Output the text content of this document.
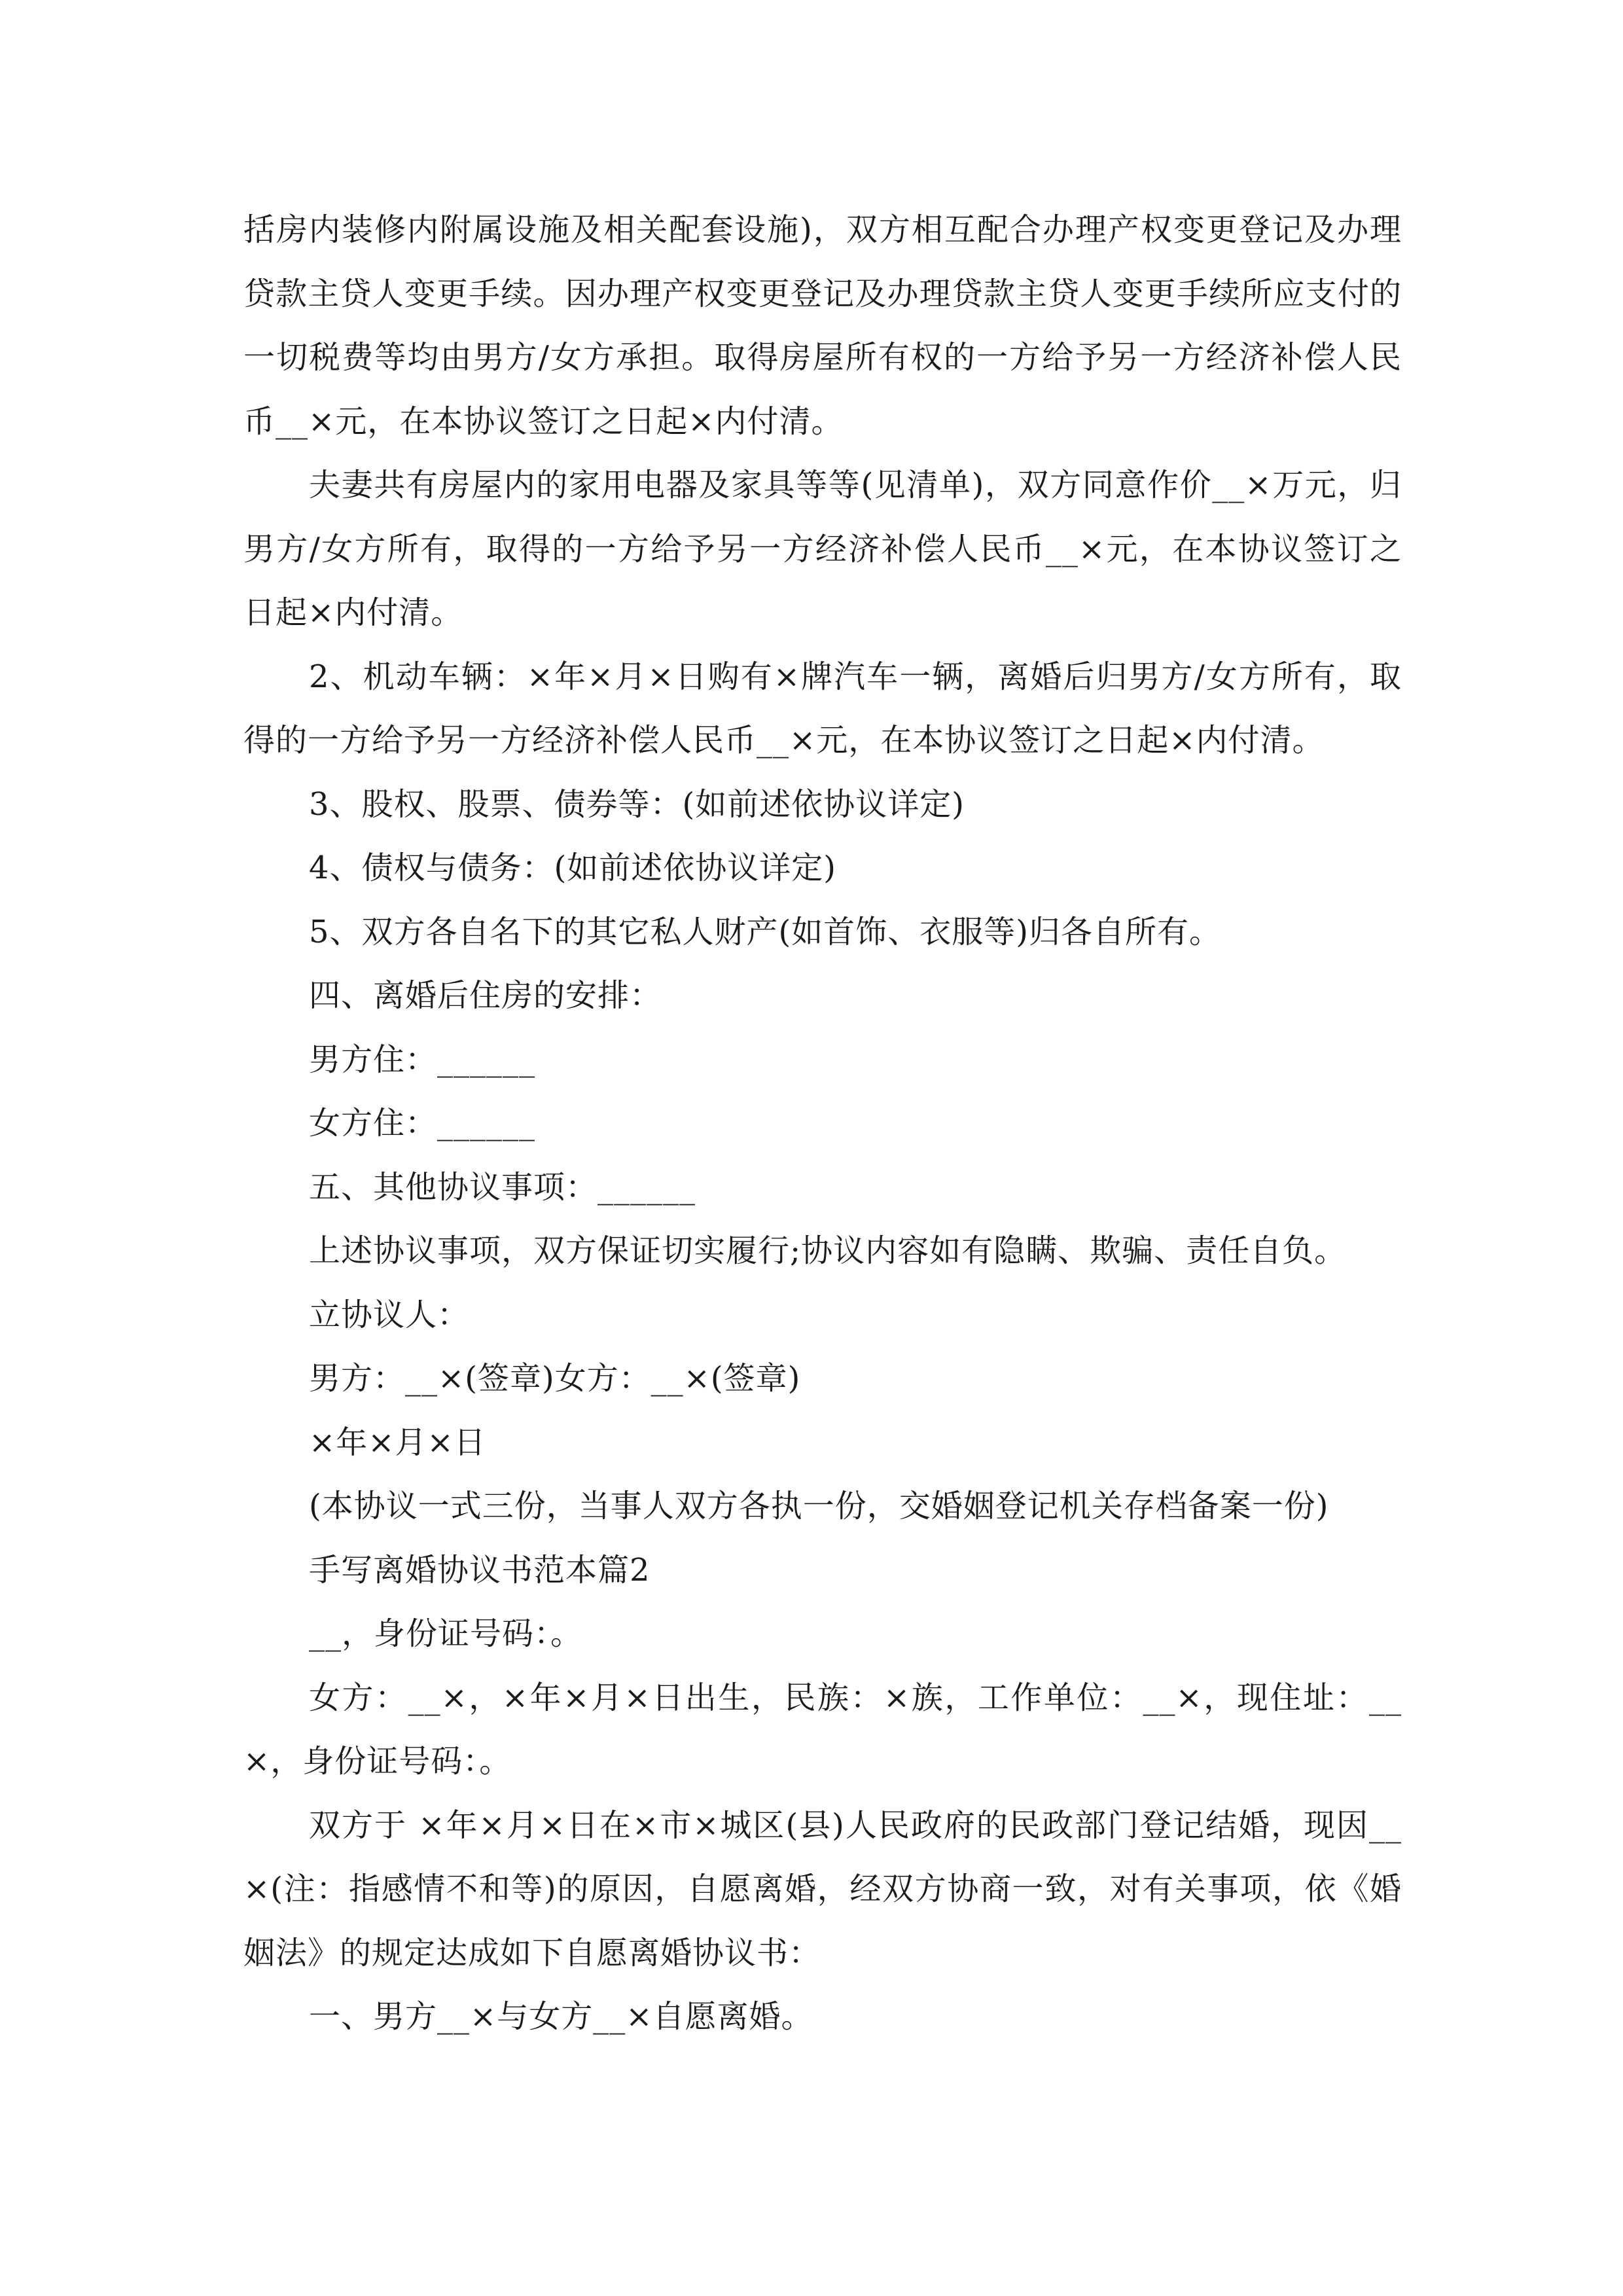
括房内装修内附属设施及相关配套设施)，双方相互配合办理产权变更登记及办理贷款主贷人变更手续。因办理产权变更登记及办理贷款主贷人变更手续所应支付的一切税费等均由男方/女方承担。取得房屋所有权的一方给予另一方经济补偿人民币__×元，在本协议签订之日起×内付清。

夫妻共有房屋内的家用电器及家具等等(见清单)，双方同意作价__×万元，归男方/女方所有，取得的一方给予另一方经济补偿人民币__×元，在本协议签订之日起×内付清。

2、机动车辆：×年×月×日购有×牌汽车一辆，离婚后归男方/女方所有，取得的一方给予另一方经济补偿人民币__×元，在本协议签订之日起×内付清。

3、股权、股票、债券等：(如前述依协议详定)

4、债权与债务：(如前述依协议详定)

5、双方各自名下的其它私人财产(如首饰、衣服等)归各自所有。

四、离婚后住房的安排：

男方住：______

女方住：______

五、其他协议事项：______

上述协议事项，双方保证切实履行;协议内容如有隐瞒、欺骗、责任自负。

立协议人：

男方：__×(签章)女方：__×(签章)

×年×月×日

(本协议一式三份，当事人双方各执一份，交婚姻登记机关存档备案一份)

手写离婚协议书范本篇2

__，身份证号码：。

女方：__×，×年×月×日出生，民族：×族，工作单位：__×，现住址：__×，身份证号码：。

双方于 ×年×月×日在×市×城区(县)人民政府的民政部门登记结婚，现因__×(注：指感情不和等)的原因，自愿离婚，经双方协商一致，对有关事项，依《婚姻法》的规定达成如下自愿离婚协议书：

一、男方__×与女方__×自愿离婚。
